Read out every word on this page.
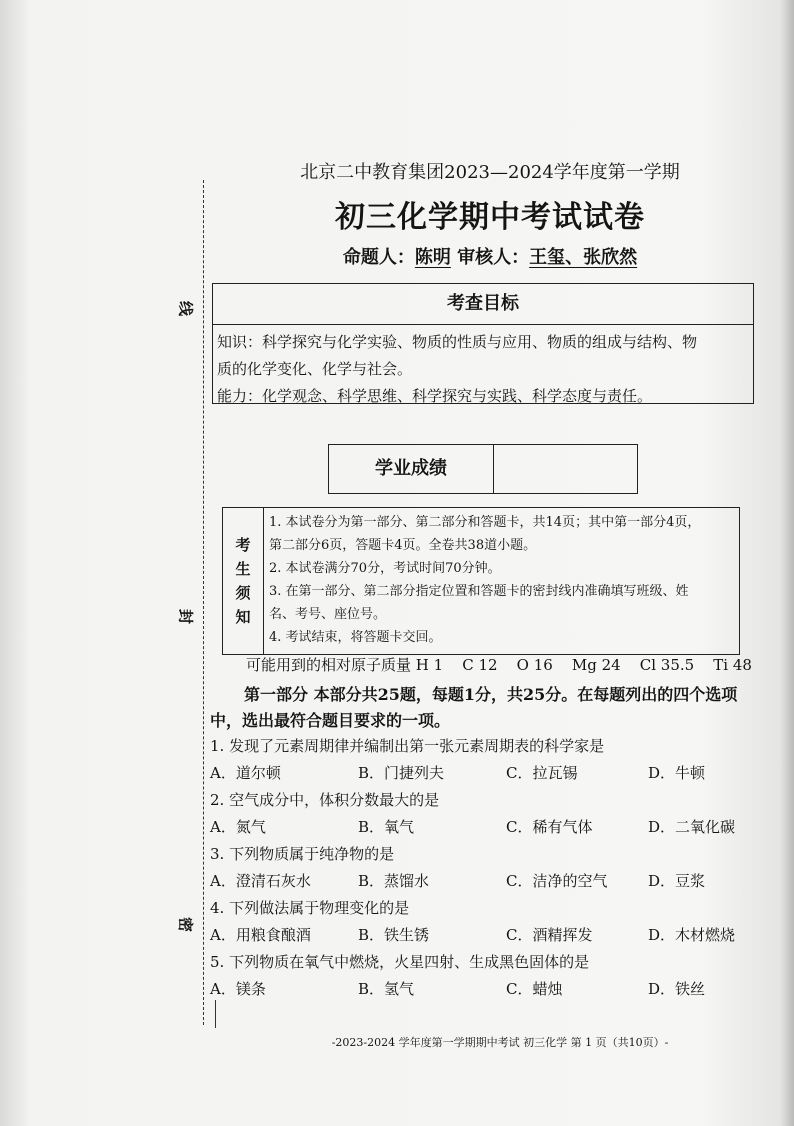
线
封
密
北京二中教育集团2023—2024学年度第一学期
初三化学期中考试试卷
命题人：陈明 审核人：王玺、张欣然
考查目标
知识：科学探究与化学实验、物质的性质与应用、物质的组成与结构、物
质的化学变化、化学与社会。
能力：化学观念、科学思维、科学探究与实践、科学态度与责任。
学业成绩
考
生
须
知
1. 本试卷分为第一部分、第二部分和答题卡，共14页；其中第一部分4页，
第二部分6页，答题卡4页。全卷共38道小题。
2. 本试卷满分70分，考试时间70分钟。
3. 在第一部分、第二部分指定位置和答题卡的密封线内准确填写班级、姓
名、考号、座位号。
4. 考试结束，将答题卡交回。
可能用到的相对原子质量 H 1    C 12    O 16    Mg 24    Cl 35.5    Ti 48
第一部分 本部分共25题，每题1分，共25分。在每题列出的四个选项
中，选出最符合题目要求的一项。
1. 发现了元素周期律并编制出第一张元素周期表的科学家是
A．道尔顿	B．门捷列夫	C．拉瓦锡	D．牛顿
2. 空气成分中，体积分数最大的是
A．氮气	B．氧气	C．稀有气体	D．二氧化碳
3. 下列物质属于纯净物的是
A．澄清石灰水	B．蒸馏水	C．洁净的空气	D．豆浆
4. 下列做法属于物理变化的是
A．用粮食酿酒	B．铁生锈	C．酒精挥发	D．木材燃烧
5. 下列物质在氧气中燃烧，火星四射、生成黑色固体的是
A．镁条	B．氢气	C．蜡烛	D．铁丝
-2023-2024 学年度第一学期期中考试 初三化学 第 1 页（共10页）-
